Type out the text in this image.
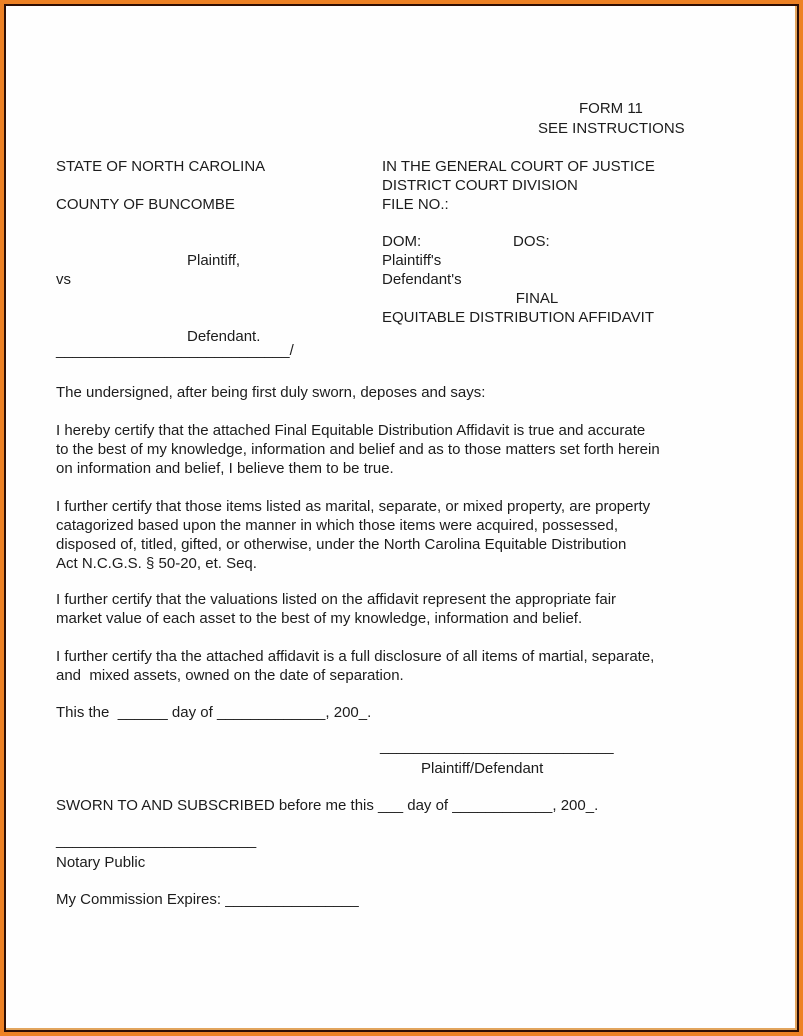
FORM 11
SEE INSTRUCTIONS
STATE OF NORTH CAROLINA
COUNTY OF BUNCOMBE
Plaintiff,
vs
Defendant.
____________________________/
IN THE GENERAL COURT OF JUSTICE
DISTRICT COURT DIVISION
FILE NO.:
DOM:	DOS:
Plaintiff's
Defendant's
FINAL
EQUITABLE DISTRIBUTION AFFIDAVIT
The undersigned, after being first duly sworn, deposes and says:
I hereby certify that the attached Final Equitable Distribution Affidavit is true and accurate
to the best of my knowledge, information and belief and as to those matters set forth herein
on information and belief, I believe them to be true.
I further certify that those items listed as marital, separate, or mixed property, are property
catagorized based upon the manner in which those items were acquired, possessed,
disposed of, titled, gifted, or otherwise, under the North Carolina Equitable Distribution
Act N.C.G.S. § 50-20, et. Seq.
I further certify that the valuations listed on the affidavit represent the appropriate fair
market value of each asset to the best of my knowledge, information and belief.
I further certify tha the attached affidavit is a full disclosure of all items of martial, separate,
and  mixed assets, owned on the date of separation.
This the  ______ day of _____________, 200_.
____________________________
Plaintiff/Defendant
SWORN TO AND SUBSCRIBED before me this ___ day of ____________, 200_.
________________________
Notary Public
My Commission Expires: ________________
